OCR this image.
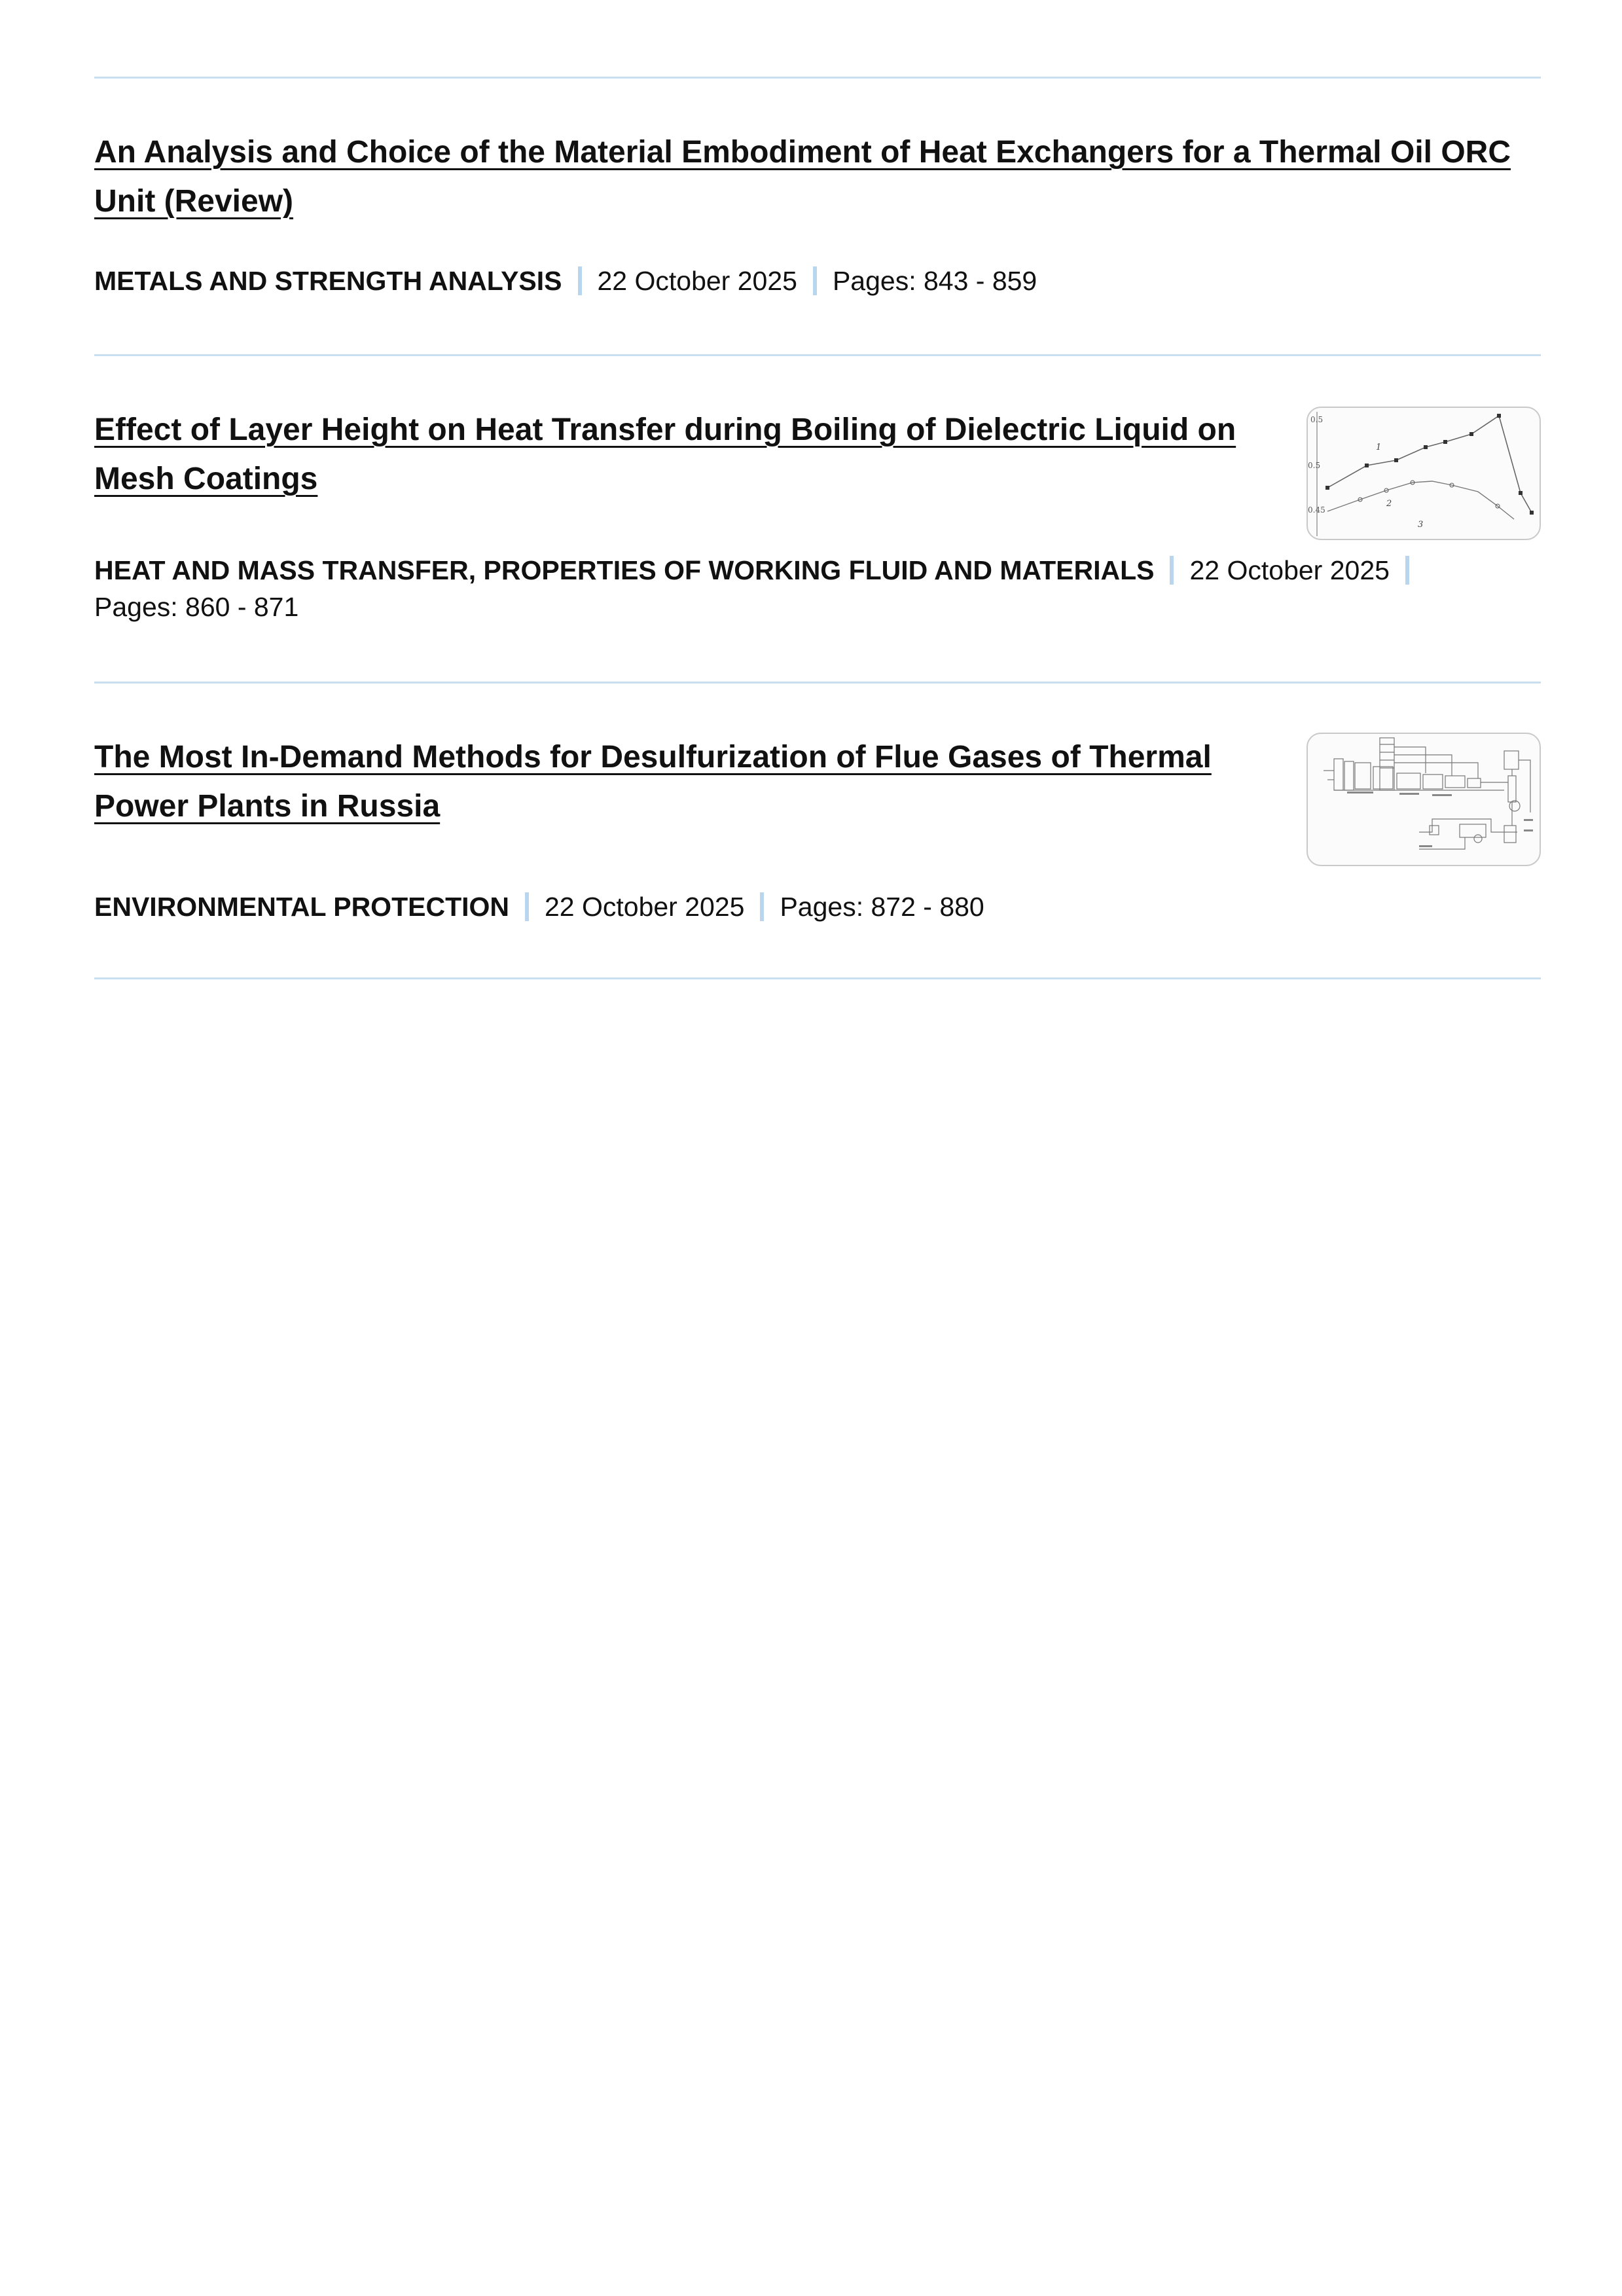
An Analysis and Choice of the Material Embodiment of Heat Exchangers for a Thermal Oil ORC Unit (Review)
METALS AND STRENGTH ANALYSIS 22 October 2025 Pages: 843 - 859
Effect of Layer Height on Heat Transfer during Boiling of Dielectric Liquid on Mesh Coatings
0.5
0.5
0.45
1
2
3
HEAT AND MASS TRANSFER, PROPERTIES OF WORKING FLUID AND MATERIALS 22 October 2025
Pages: 860 - 871
The Most In-Demand Methods for Desulfurization of Flue Gases of Thermal Power Plants in Russia
ENVIRONMENTAL PROTECTION 22 October 2025 Pages: 872 - 880
